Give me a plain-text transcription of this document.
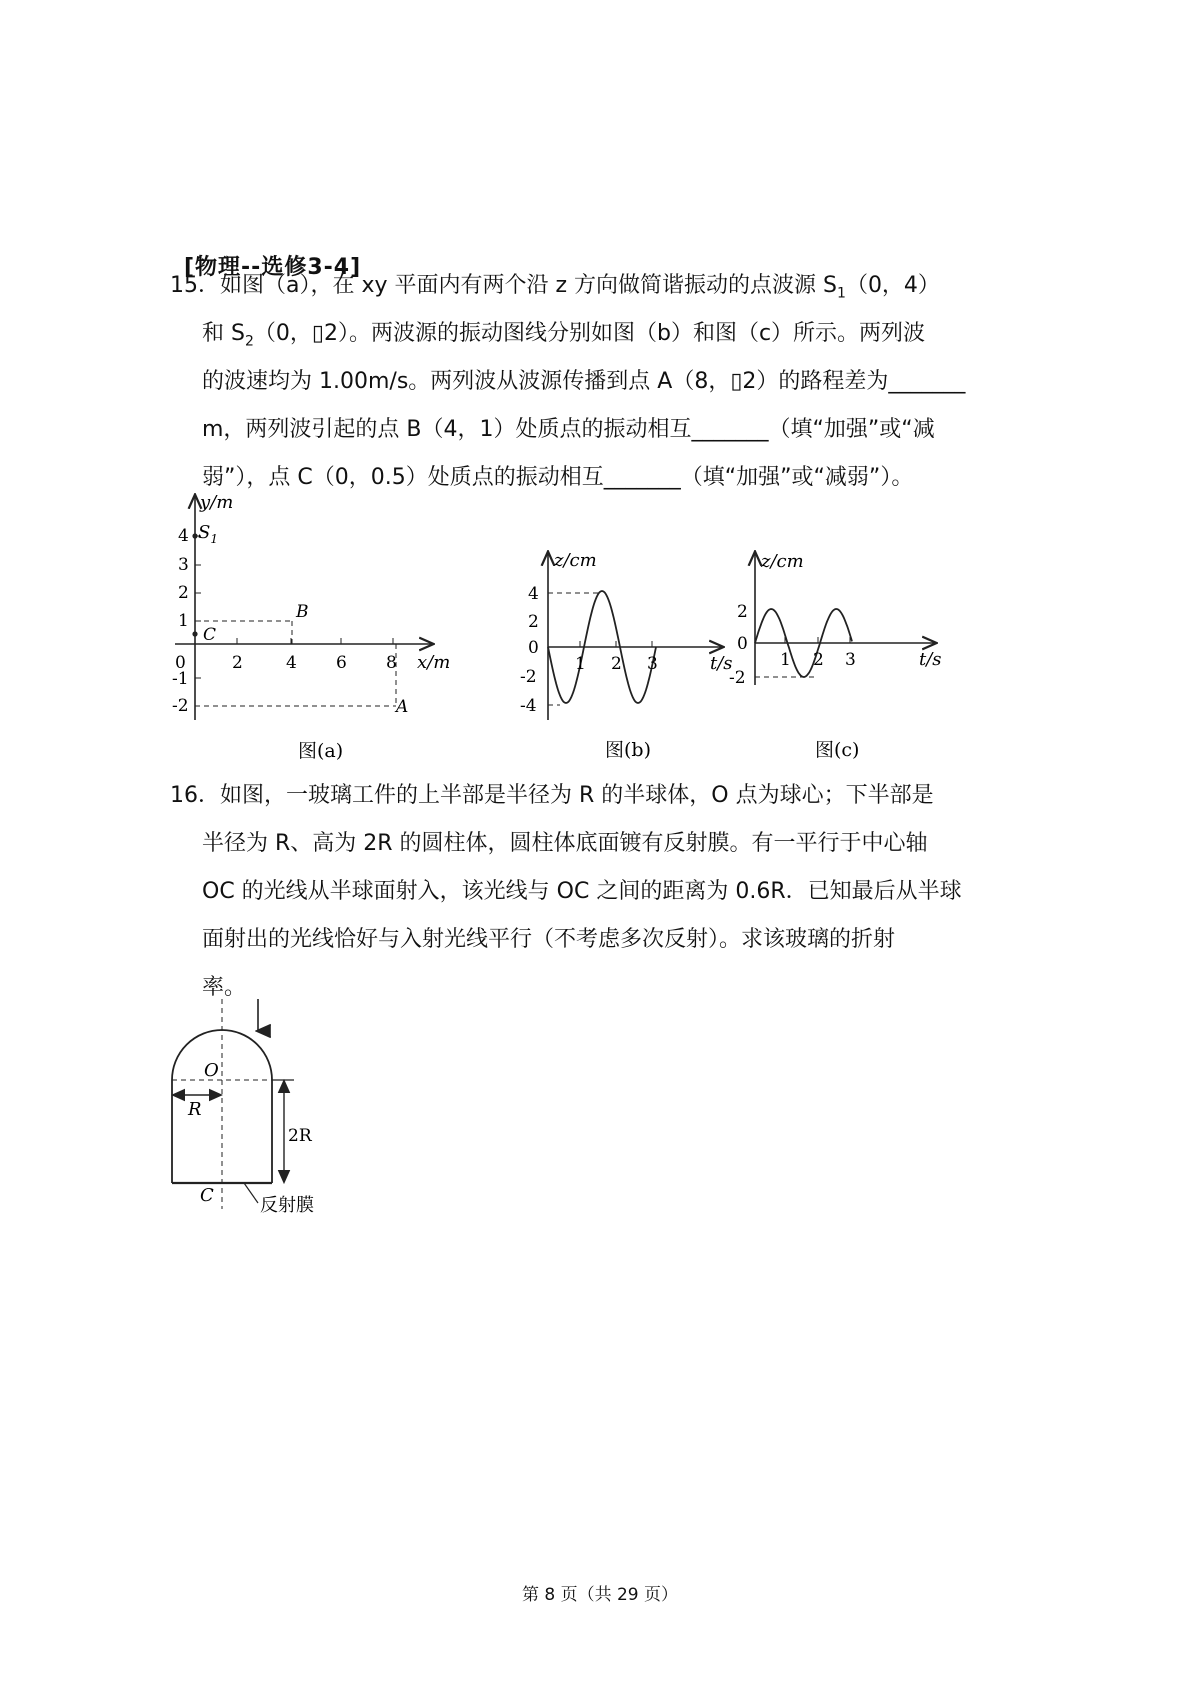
[物理--选修3-4]
15．如图（a），在 xy 平面内有两个沿 z 方向做简谐振动的点波源 $S_1(0$，4）
和 $S_2(0$，▯2）。两波源的振动图线分别如图（b）和图（c）所示。两列波
的波速均为 1.00m/s。两列波从波源传播到点 A（8，▯2）的路程差为_______
m，两列波引起的点 B（4，1）处质点的振动相互_______（填“加强”或“减
弱”），点 C（0，0.5）处质点的振动相互_______（填“加强”或“减弱”）。
y/m
x/m
$S_1$
B
C
A
4
3
2
1
-1
-2
0	2	4 6 8
图(a)
z/cm
t/s
4
2
0
-2
-4
1 2 3
图(b)
z/cm
t/s
2
0
-2
1 2 3
图(c)
16．如图，一玻璃工件的上半部是半径为 R 的半球体，O 点为球心；下半部是
半径为 R、高为 2R 的圆柱体，圆柱体底面镀有反射膜。有一平行于中心轴
OC 的光线从半球面射入，该光线与 OC 之间的距离为 0.6R．已知最后从半球
面射出的光线恰好与入射光线平行（不考虑多次反射）。求该玻璃的折射
率。
O
R
2R
C	反射膜
第 8 页（共 29 页）
